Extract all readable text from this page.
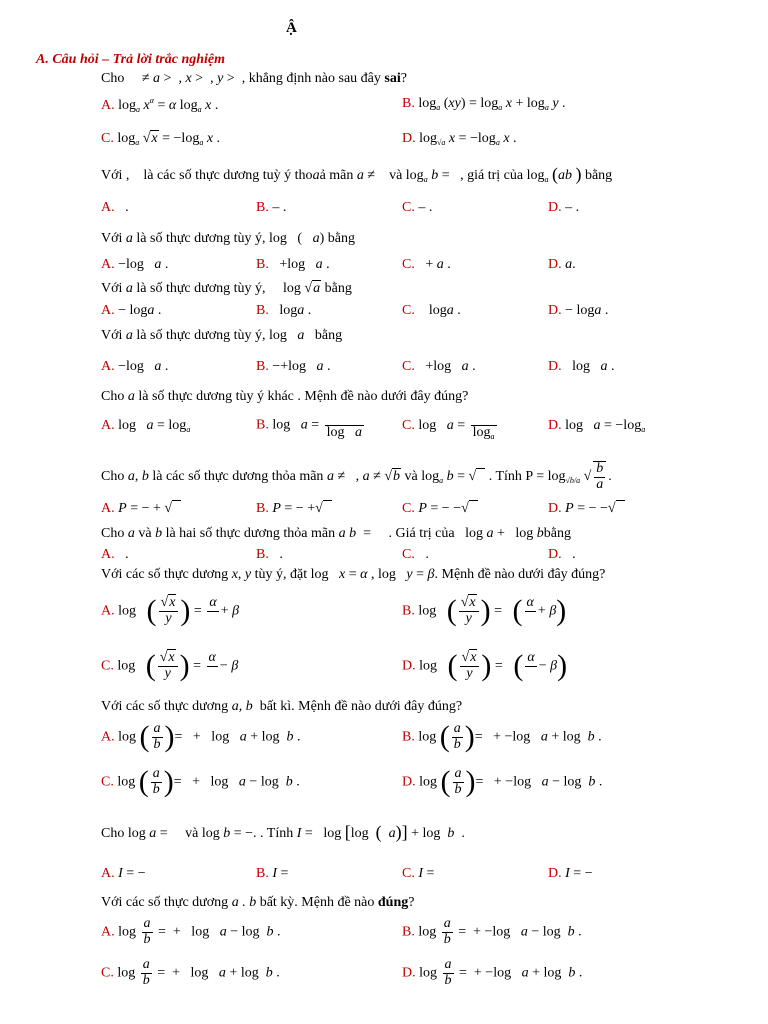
Ậ
A. Câu hỏi – Trả lời trắc nghiệm
Cho ≠ a >  , x >  , y > , khẳng định nào sau đây sai?
A. $\log_a x^\alpha = \alpha$ $\log_a x$ .	B. $\log_a (xy) = \log_a x + \log_a y$ .
C. $\log_a √x = -\log_a$ x .	D. $\log_{√a} x = -\log_a$ x .
Với , là các số thực dương tuỳ ý thoaả mãn a ≠ và $\log_a b$ = , giá trị của $\log_a (ab$ ) bằng
A. .	B. – .	C. – .	D. – .
Với a là số thực dương tùy ý, log ( a) bằng
A. −log a .	B. +log a .	C. + a .	D. a.
Với a là số thực dương tùy ý, log √a bằng
A. − loga .	B. loga .	C. loga .	D. − loga .
Với a là số thực dương tùy ý, log a bằng
A. −log a .	B. −+log a .	C. +log a .	D. log a .
Cho a là số thực dương tùy ý khác . Mệnh đề nào dưới đây đúng?
A. $\log a = \log_a$	B. log a =
log   a	C. log a =
$\log_a$
D. $\log a = -\log_a$
Cho a, b là các số thực dương thỏa mãn a ≠   , a ≠ √b và $\log_a b$ = √ . Tính $P = \log_{√b/a}$ √ $\frac{b}{a}$ .
A. P = − + √	B. P = − +√	C. P = − −√	D. P = − −√
Cho a và b là hai số thực dương thỏa mãn a b  =     . Giá trị của log a + log bbằng
A. .	B. .	C. .	D. .
Với các số thực dương x, y tùy ý, đặt log x = α , log y = β. Mệnh đề nào dưới đây đúng?
A. log ( $\frac{√x}{y}$ ) =
α

+ β	B. log ( $\frac{√x}{y}$ ) =   ( α

+ β)
C. log ( $\frac{√x}{y}$ ) =
α

− β	D. log ( $\frac{√x}{y}$ ) =   ( α

− β)
Với các số thực dương a, b bất kì. Mệnh đề nào dưới đây đúng?
A. log ( $\frac{a}{b}$ )=   +   log   a + log  b .	B. log ( $\frac{a}{b}$ )=   + −log   a + log  b .
C. log ( $\frac{a}{b}$ )=   +   log   a − log  b .	D. log ( $\frac{a}{b}$ )=   + −log   a − log  b .
Cho log a =     và log b = −. . Tính I =   log [log  ( a)] + log  b  .
A. I = −	B. I =	C. I =	D. I = −
Với các số thực dương a . b bất kỳ. Mệnh đề nào đúng?
A. $\log \frac{a}{b}$ =  +   log   a − log  b .	B. $\log \frac{a}{b}$ =  + −log   a − log  b .
C. $\log \frac{a}{b}$ =  +   log   a + log  b .	D. $\log \frac{a}{b}$ =  + −log   a + log  b .
